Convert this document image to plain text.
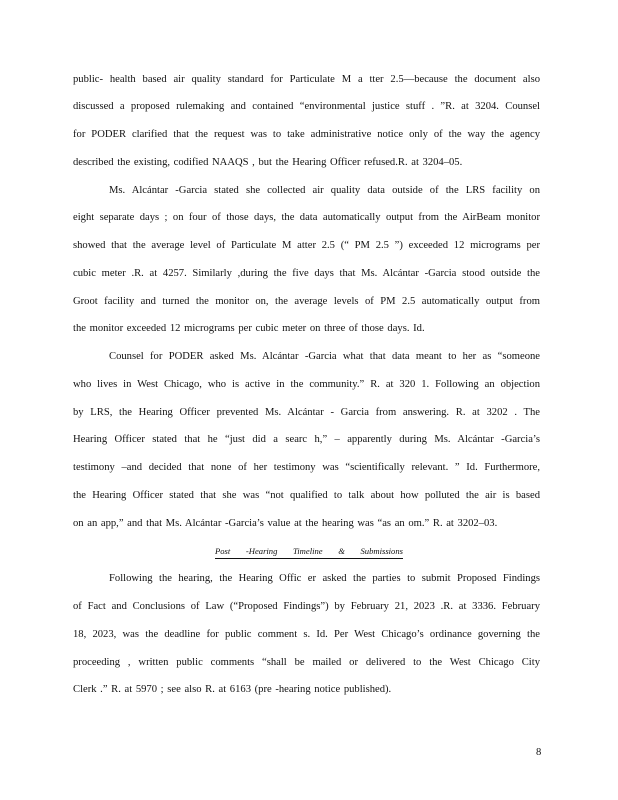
public- health based air quality standard for Particulate M a tter 2.5—because the document also
discussed a proposed rulemaking and contained “environmental justice stuff . ”R. at 3204. Counsel
for PODER clarified that the request was to take administrative notice only of the way the agency
described the existing, codified NAAQS , but the Hearing Officer refused.R. at 3204–05.
Ms. Alcántar -Garcia stated she collected air quality data outside of the LRS facility on
eight separate days ; on four of those days, the data automatically output from the AirBeam monitor
showed that the average level of Particulate M atter 2.5 (“ PM 2.5 ”) exceeded 12 micrograms per
cubic meter .R. at 4257. Similarly ,during the five days that Ms. Alcántar -Garcia stood outside the
Groot facility and turned the monitor on, the average levels of PM 2.5 automatically output from
the monitor exceeded 12 micrograms per cubic meter on three of those days. Id.
Counsel for PODER asked Ms. Alcántar -Garcia what that data meant to her as “someone
who lives in West Chicago, who is active in the community.” R. at 320 1. Following an objection
by LRS, the Hearing Officer prevented Ms. Alcántar - Garcia from answering. R. at 3202 . The
Hearing Officer stated that he “just did a searc h,” – apparently during Ms. Alcántar -Garcia’s
testimony –and decided that none of her testimony was “scientifically relevant. ” Id. Furthermore,
the Hearing Officer stated that she was “not qualified to talk about how polluted the air is based
on an app,” and that Ms. Alcántar -Garcia’s value at the hearing was “as an om.” R. at 3202–03.
Post -Hearing Timeline & Submissions
Following the hearing, the Hearing Offic er asked the parties to submit Proposed Findings
of Fact and Conclusions of Law (“Proposed Findings”) by February 21, 2023 .R. at 3336. February
18, 2023, was the deadline for public comment s. Id. Per West Chicago’s ordinance governing the
proceeding , written public comments “shall be mailed or delivered to the West Chicago City
Clerk .” R. at 5970 ; see also R. at 6163 (pre -hearing notice published).
8
